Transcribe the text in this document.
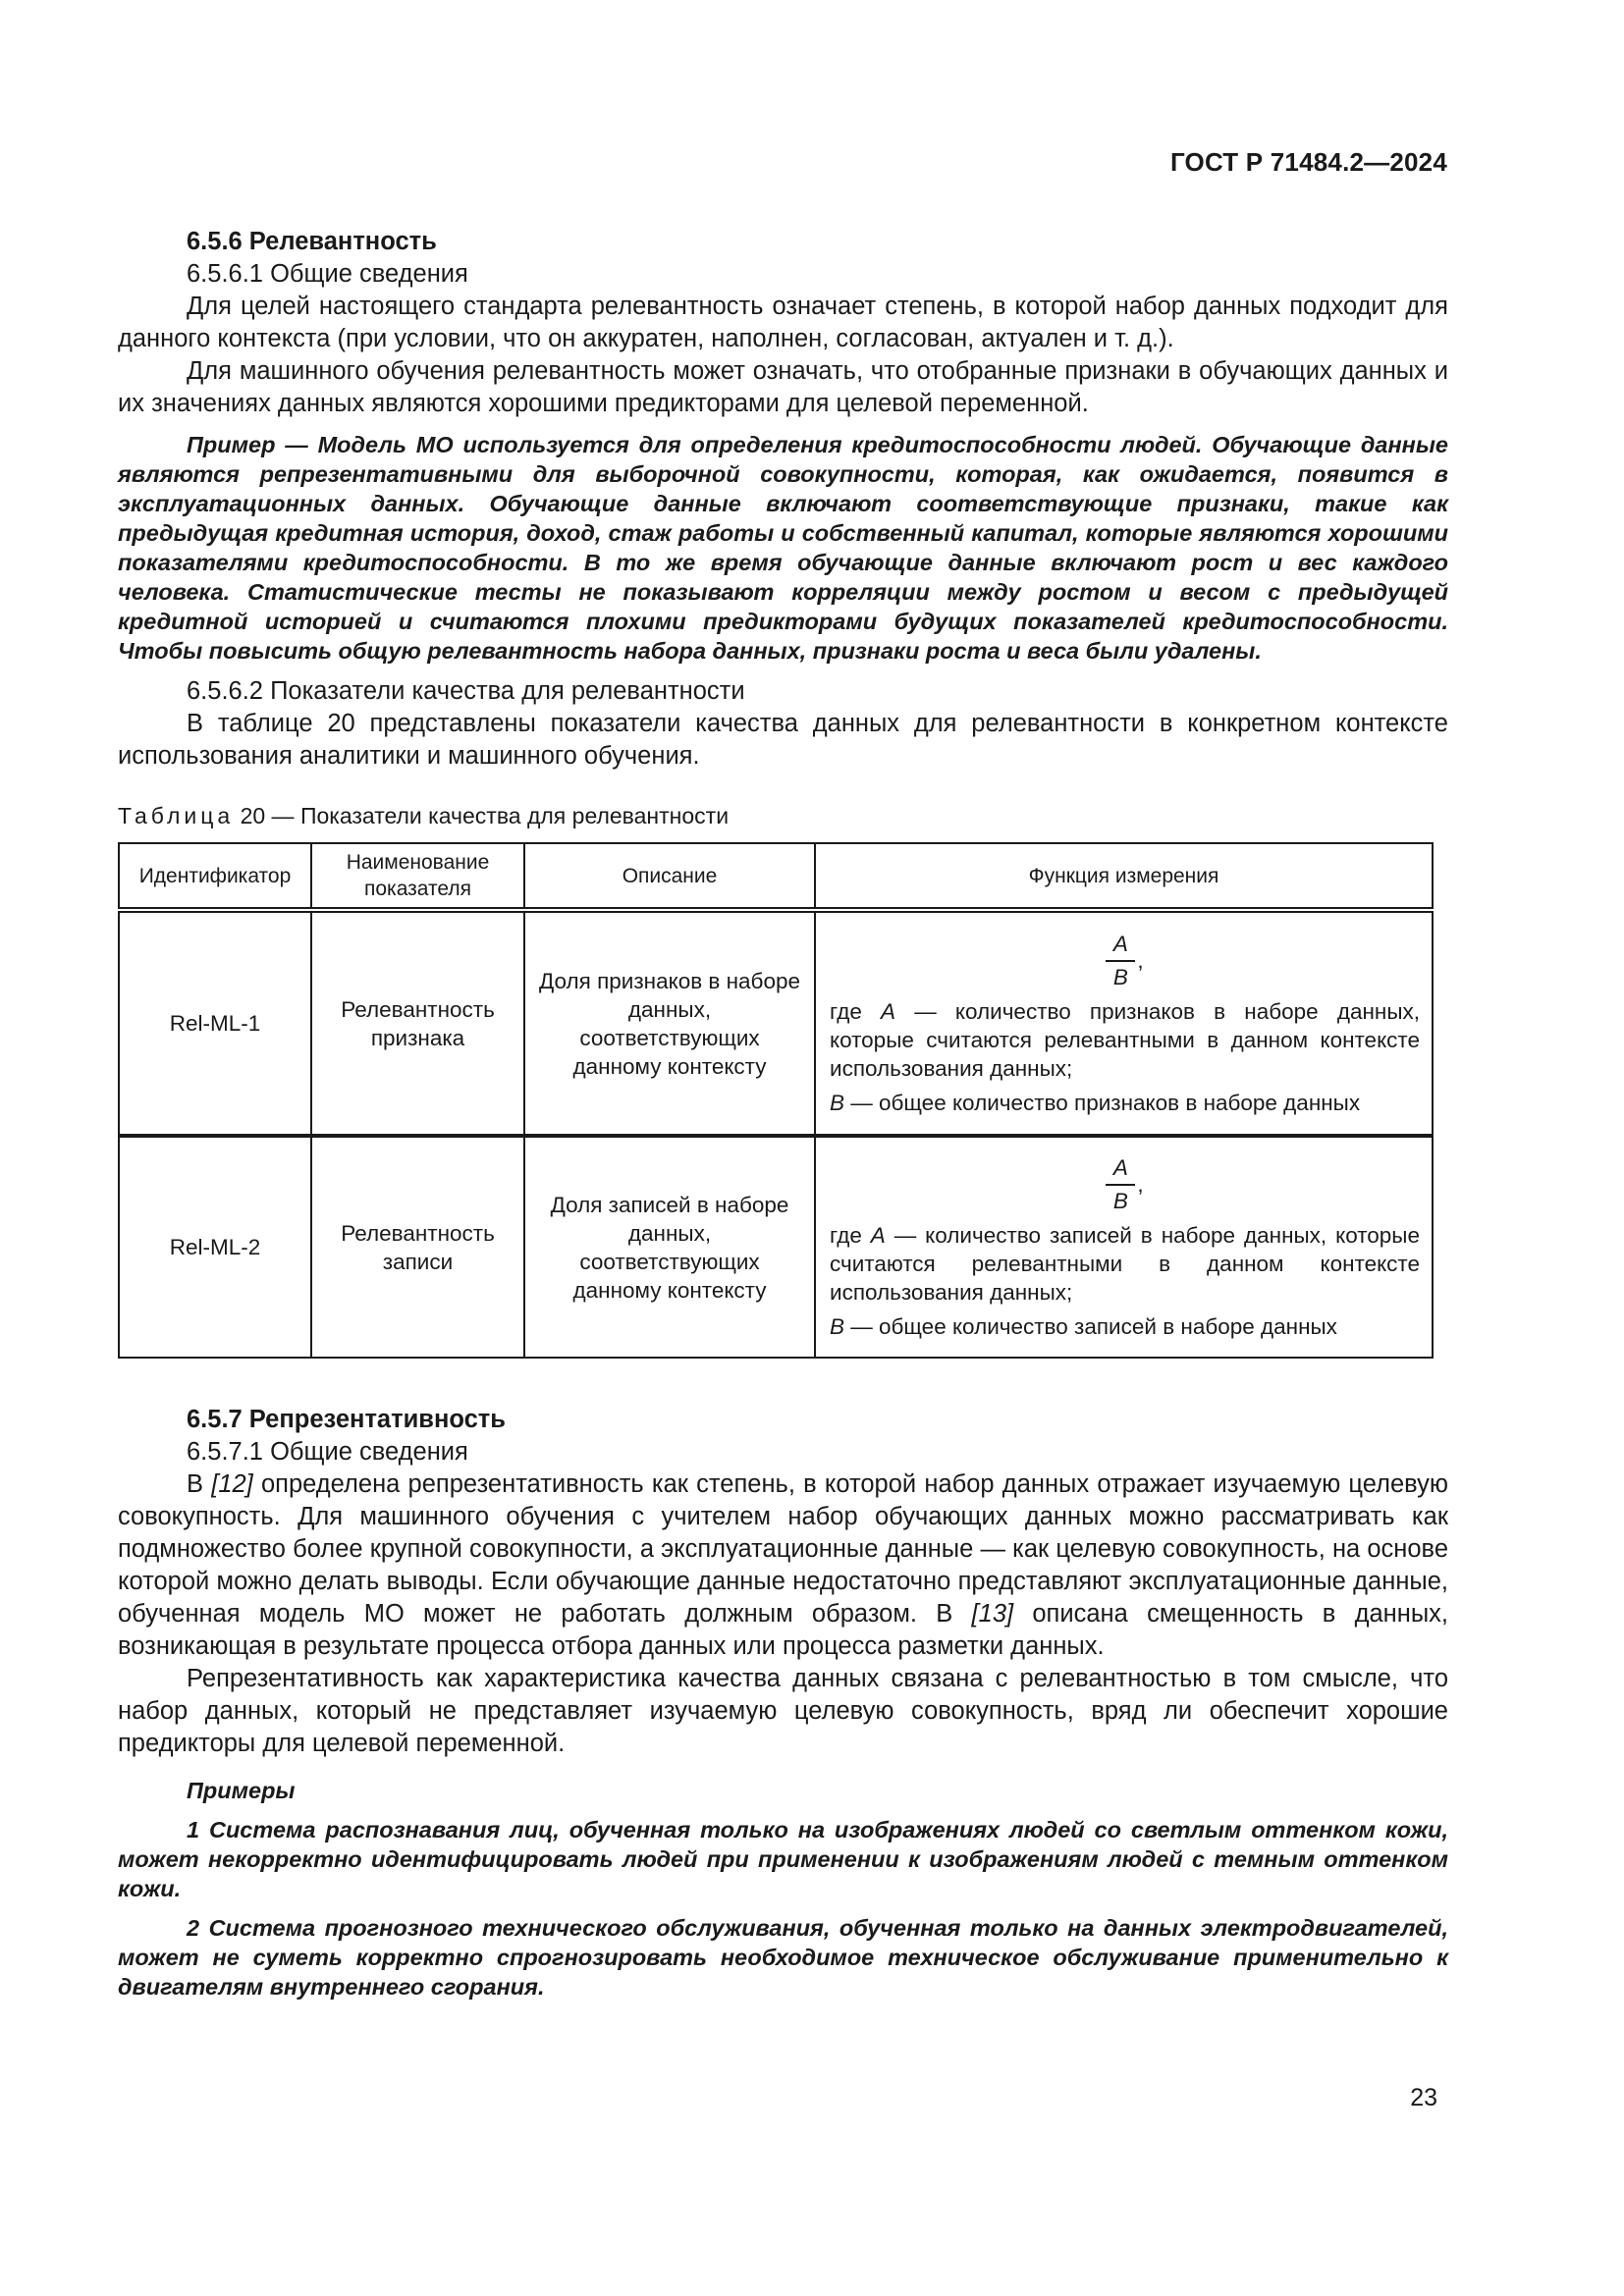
ГОСТ Р 71484.2—2024

6.5.6 Релевантность

6.5.6.1 Общие сведения

Для целей настоящего стандарта релевантность означает степень, в которой набор данных подходит для данного контекста (при условии, что он аккуратен, наполнен, согласован, актуален и т. д.).

Для машинного обучения релевантность может означать, что отобранные признаки в обучающих данных и их значениях данных являются хорошими предикторами для целевой переменной.

Пример — Модель МО используется для определения кредитоспособности людей. Обучающие данные являются репрезентативными для выборочной совокупности, которая, как ожидается, появится в эксплуатационных данных. Обучающие данные включают соответствующие признаки, такие как предыдущая кредитная история, доход, стаж работы и собственный капитал, которые являются хорошими показателями кредитоспособности. В то же время обучающие данные включают рост и вес каждого человека. Статистические тесты не показывают корреляции между ростом и весом с предыдущей кредитной историей и считаются плохими предикторами будущих показателей кредитоспособности. Чтобы повысить общую релевантность набора данных, признаки роста и веса были удалены.

6.5.6.2 Показатели качества для релевантности

В таблице 20 представлены показатели качества данных для релевантности в конкретном контексте использования аналитики и машинного обучения.

Таблица 20 — Показатели качества для релевантности

Идентификатор	Наименование показателя	Описание	Функция измерения
Rel-ML-1	Релевантность признака	Доля признаков в наборе данных, соответствующих данному контексту	$\frac{A}{B}$ ,
где A — количество признаков в наборе данных, которые считаются релевантными в данном контексте использования данных;
B — общее количество признаков в наборе данных

Rel-ML-2	Релевантность записи	Доля записей в наборе данных, соответствующих данному контексту	$\frac{A}{B}$ ,
где A — количество записей в наборе данных, которые считаются релевантными в данном контексте использования данных;
B — общее количество записей в наборе данных

6.5.7 Репрезентативность

6.5.7.1 Общие сведения

В [12] определена репрезентативность как степень, в которой набор данных отражает изучаемую целевую совокупность. Для машинного обучения с учителем набор обучающих данных можно рассматривать как подмножество более крупной совокупности, а эксплуатационные данные — как целевую совокупность, на основе которой можно делать выводы. Если обучающие данные недостаточно представляют эксплуатационные данные, обученная модель МО может не работать должным образом. В [13] описана смещенность в данных, возникающая в результате процесса отбора данных или процесса разметки данных.

Репрезентативность как характеристика качества данных связана с релевантностью в том смысле, что набор данных, который не представляет изучаемую целевую совокупность, вряд ли обеспечит хорошие предикторы для целевой переменной.

Примеры

1 Система распознавания лиц, обученная только на изображениях людей со светлым оттенком кожи, может некорректно идентифицировать людей при применении к изображениям людей с темным оттенком кожи.

2 Система прогнозного технического обслуживания, обученная только на данных электродвигателей, может не суметь корректно спрогнозировать необходимое техническое обслуживание применительно к двигателям внутреннего сгорания.

23
